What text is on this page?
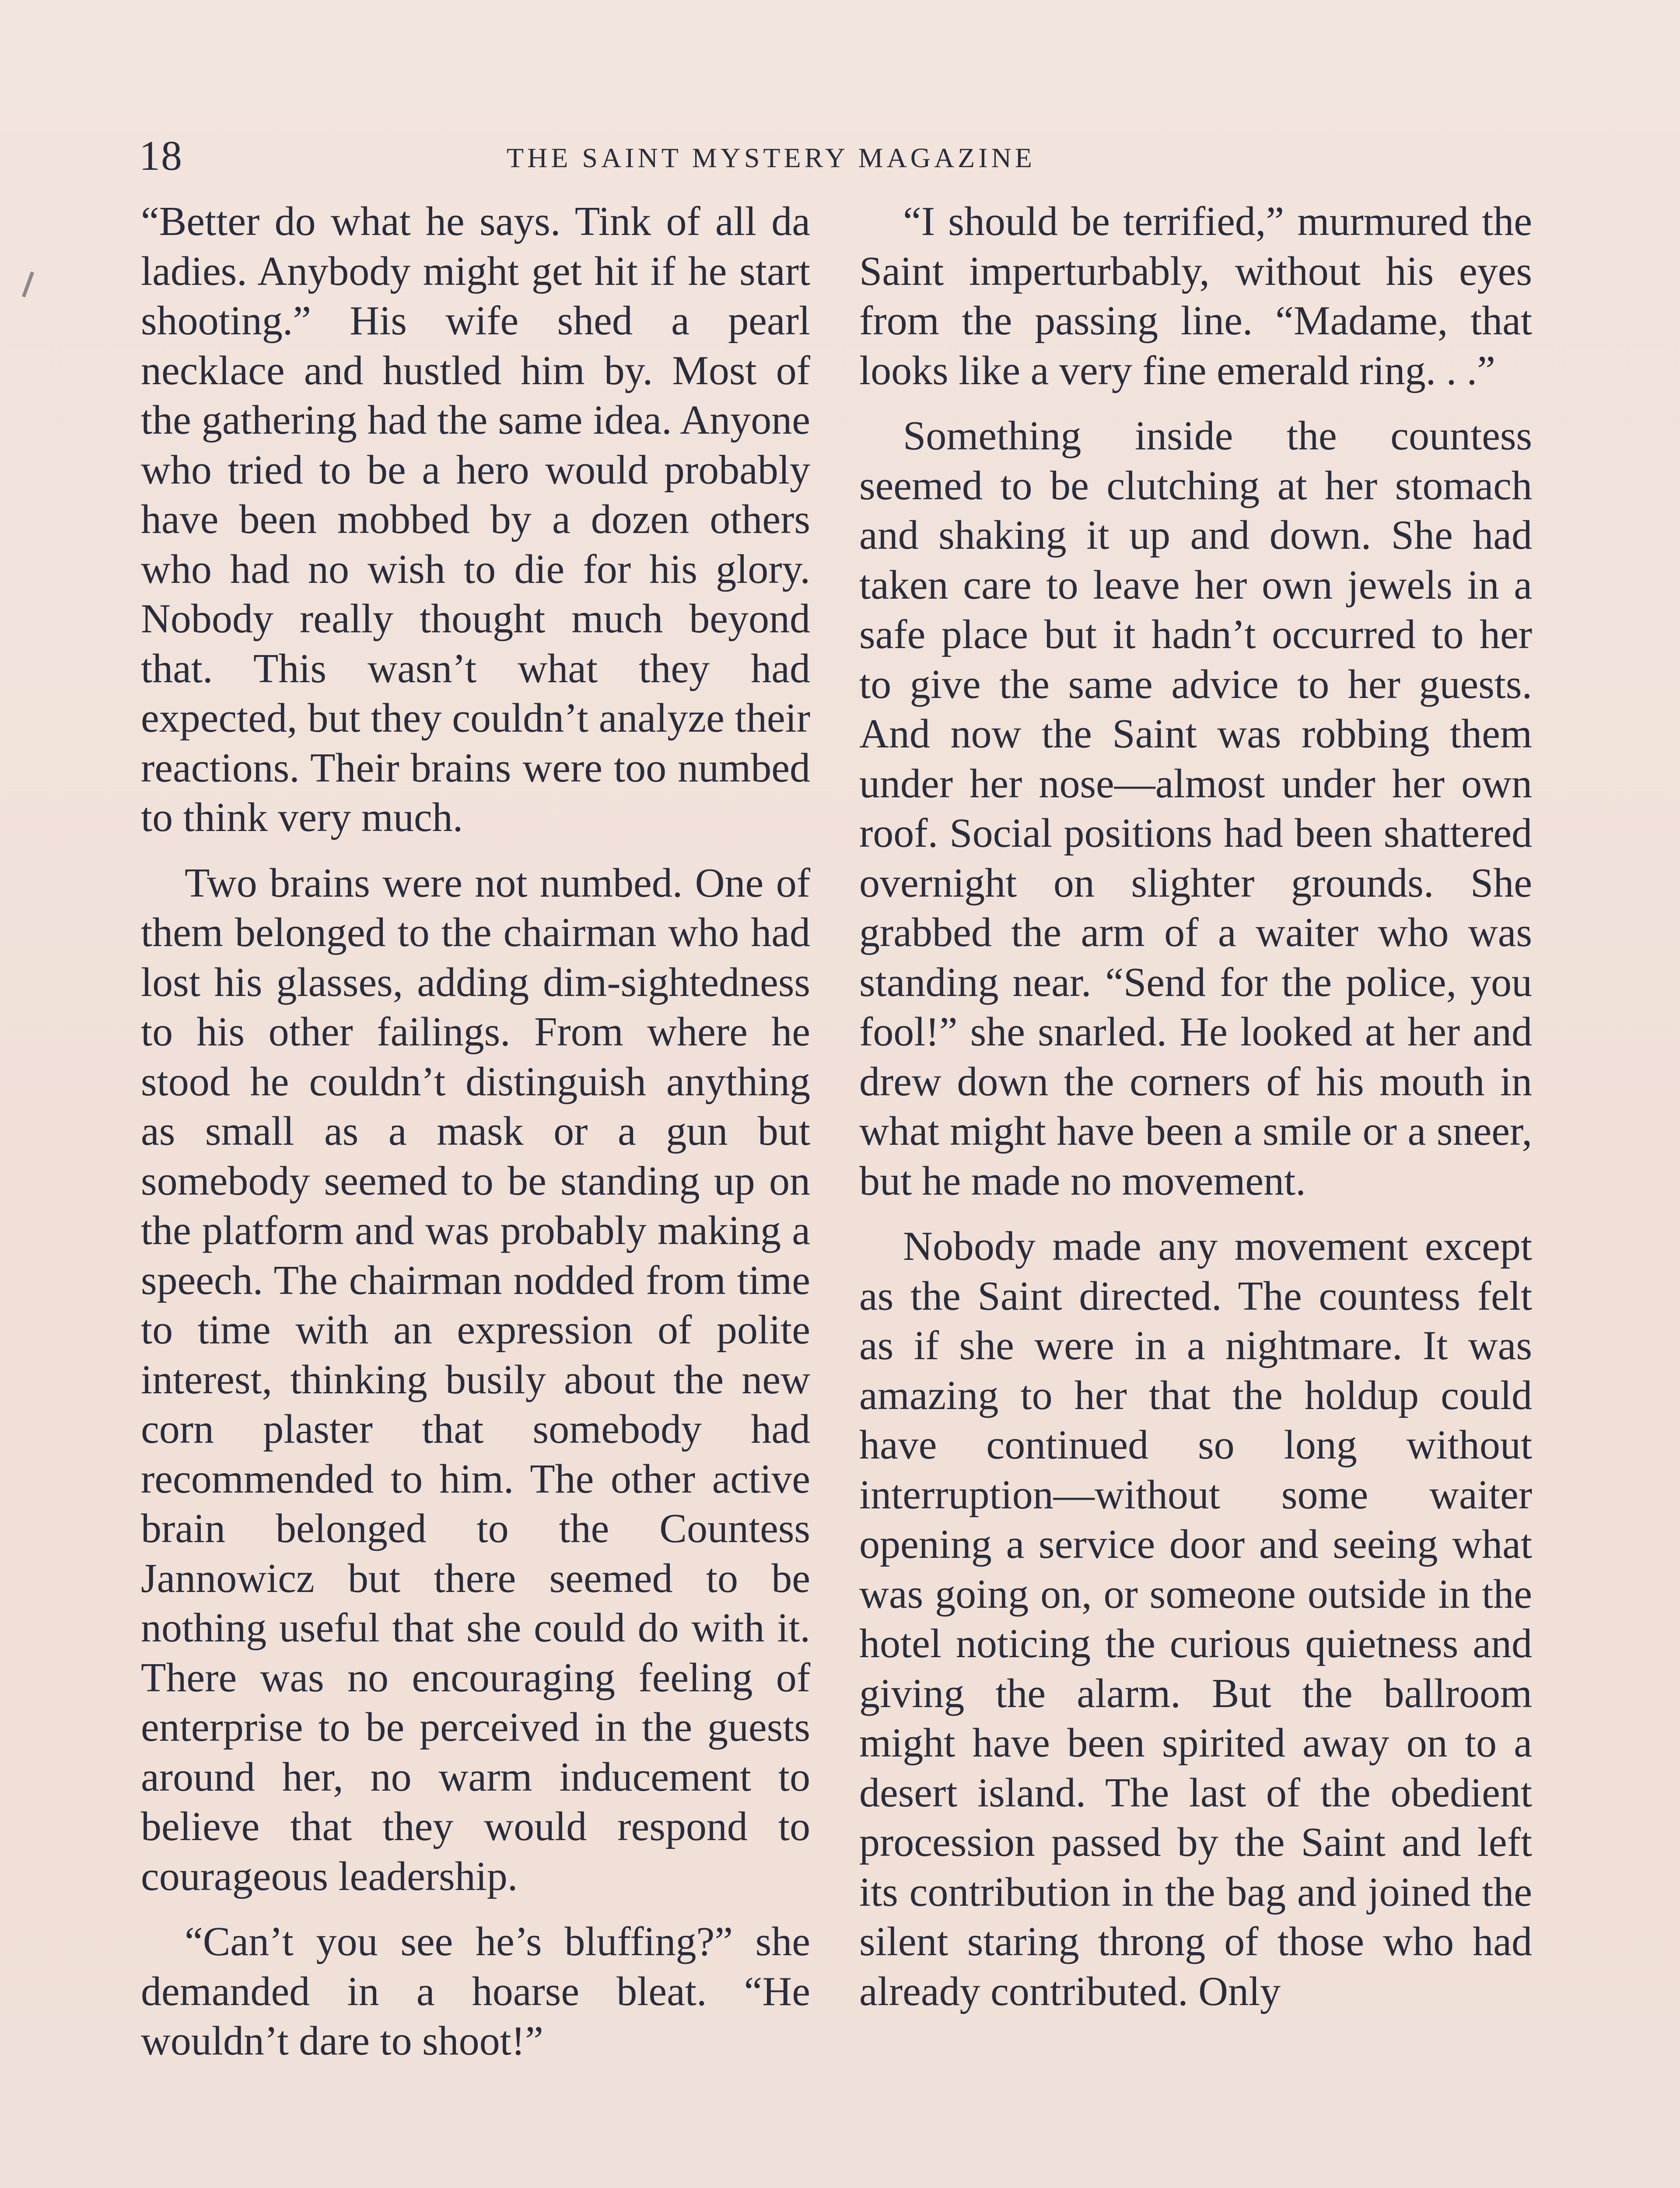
18	THE SAINT MYSTERY MAGAZINE

“Better do what he says. Tink of all da ladies. Anybody might get hit if he start shooting.” His wife shed a pearl necklace and hustled him by. Most of the gathering had the same idea. Anyone who tried to be a hero would probably have been mobbed by a dozen others who had no wish to die for his glory. Nobody really thought much beyond that. This wasn’t what they had expected, but they couldn’t analyze their reactions. Their brains were too numbed to think very much.

Two brains were not numbed. One of them belonged to the chairman who had lost his glasses, adding dim-sightedness to his other failings. From where he stood he couldn’t distinguish anything as small as a mask or a gun but somebody seemed to be standing up on the platform and was probably making a speech. The chairman nodded from time to time with an expression of polite interest, thinking busily about the new corn plaster that somebody had recommended to him. The other active brain belonged to the Countess Jannowicz but there seemed to be nothing useful that she could do with it. There was no encouraging feeling of enterprise to be perceived in the guests around her, no warm inducement to believe that they would respond to courageous leadership.

“Can’t you see he’s bluffing?” she demanded in a hoarse bleat. “He wouldn’t dare to shoot!”

“I should be terrified,” murmured the Saint imperturbably, without his eyes from the passing line. “Madame, that looks like a very fine emerald ring. . .”

Something inside the countess seemed to be clutching at her stomach and shaking it up and down. She had taken care to leave her own jewels in a safe place but it hadn’t occurred to her to give the same advice to her guests. And now the Saint was robbing them under her nose—almost under her own roof. Social positions had been shattered overnight on slighter grounds. She grabbed the arm of a waiter who was standing near. “Send for the police, you fool!” she snarled. He looked at her and drew down the corners of his mouth in what might have been a smile or a sneer, but he made no movement.

Nobody made any movement except as the Saint directed. The countess felt as if she were in a nightmare. It was amazing to her that the holdup could have continued so long without interruption—without some waiter opening a service door and seeing what was going on, or someone outside in the hotel noticing the curious quietness and giving the alarm. But the ballroom might have been spirited away on to a desert island. The last of the obedient procession passed by the Saint and left its contribution in the bag and joined the silent staring throng of those who had already contributed. Only
